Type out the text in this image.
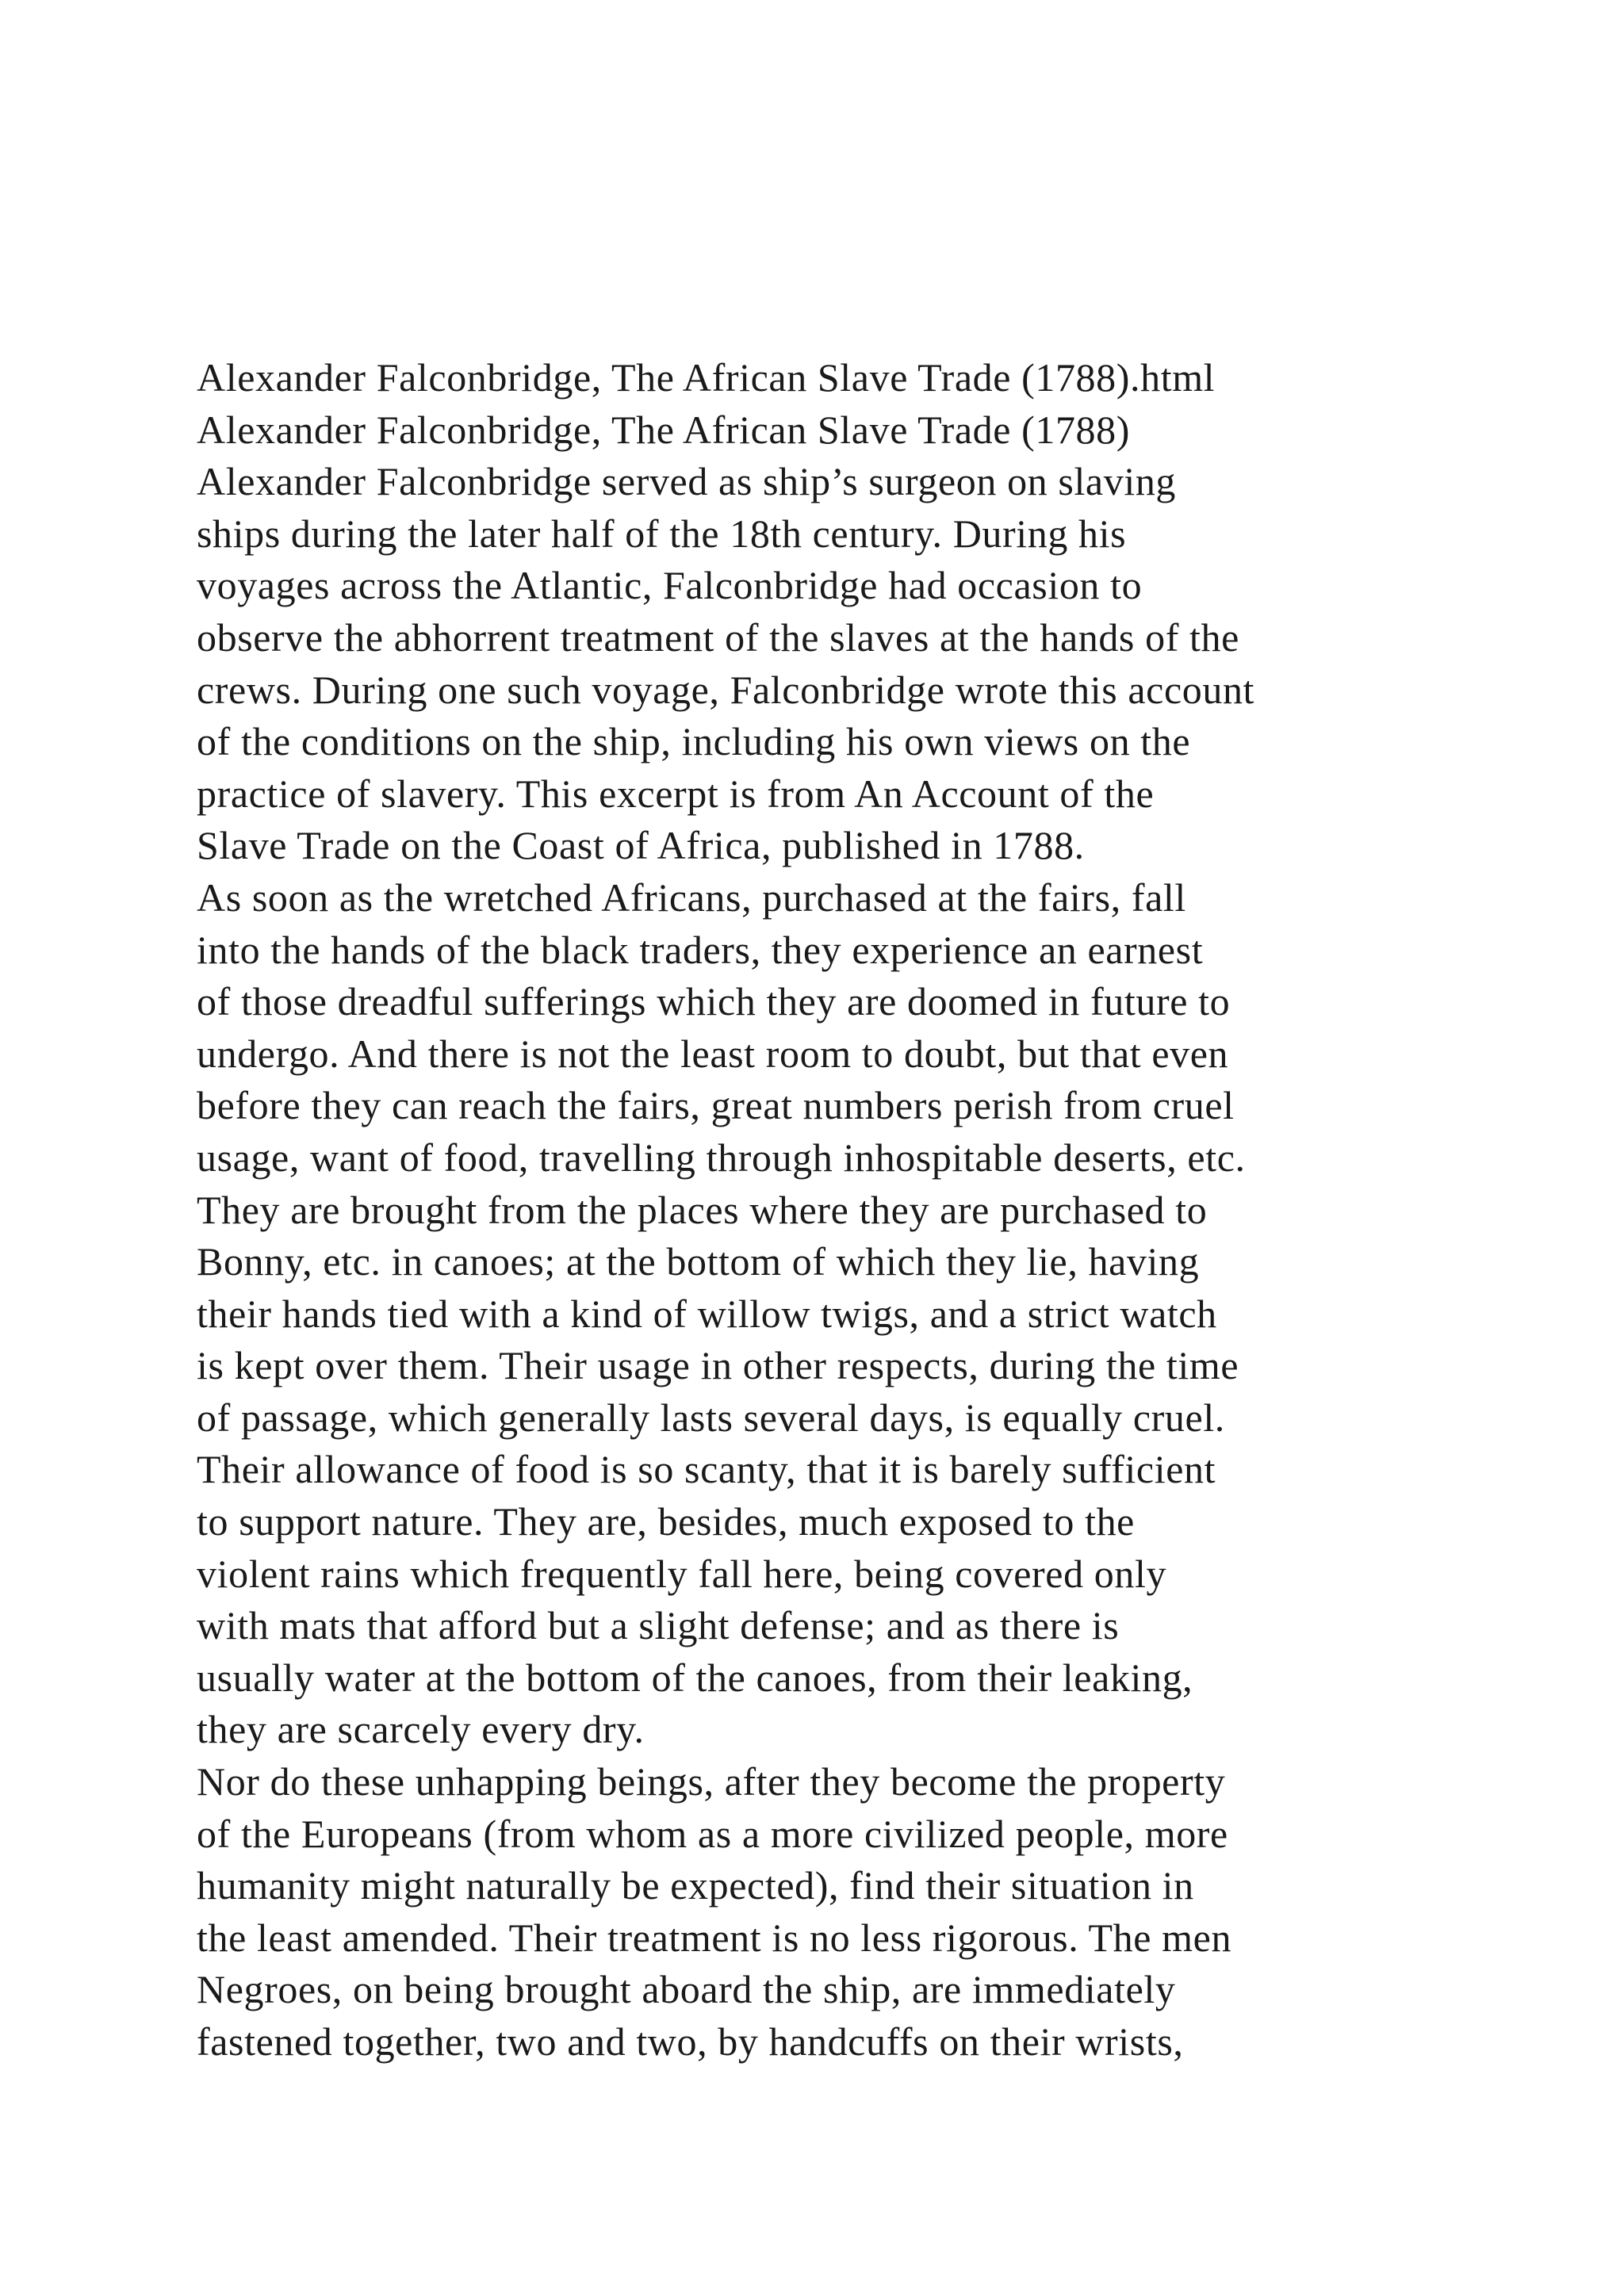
Alexander Falconbridge, The African Slave Trade (1788).html
Alexander Falconbridge, The African Slave Trade (1788)
Alexander Falconbridge served as ship’s surgeon on slaving
ships during the later half of the 18th century. During his
voyages across the Atlantic, Falconbridge had occasion to
observe the abhorrent treatment of the slaves at the hands of the
crews. During one such voyage, Falconbridge wrote this account
of the conditions on the ship, including his own views on the
practice of slavery. This excerpt is from An Account of the
Slave Trade on the Coast of Africa, published in 1788.
As soon as the wretched Africans, purchased at the fairs, fall
into the hands of the black traders, they experience an earnest
of those dreadful sufferings which they are doomed in future to
undergo. And there is not the least room to doubt, but that even
before they can reach the fairs, great numbers perish from cruel
usage, want of food, travelling through inhospitable deserts, etc.
They are brought from the places where they are purchased to
Bonny, etc. in canoes; at the bottom of which they lie, having
their hands tied with a kind of willow twigs, and a strict watch
is kept over them. Their usage in other respects, during the time
of passage, which generally lasts several days, is equally cruel.
Their allowance of food is so scanty, that it is barely sufficient
to support nature. They are, besides, much exposed to the
violent rains which frequently fall here, being covered only
with mats that afford but a slight defense; and as there is
usually water at the bottom of the canoes, from their leaking,
they are scarcely every dry.
Nor do these unhapping beings, after they become the property
of the Europeans (from whom as a more civilized people, more
humanity might naturally be expected), find their situation in
the least amended. Their treatment is no less rigorous. The men
Negroes, on being brought aboard the ship, are immediately
fastened together, two and two, by handcuffs on their wrists,
